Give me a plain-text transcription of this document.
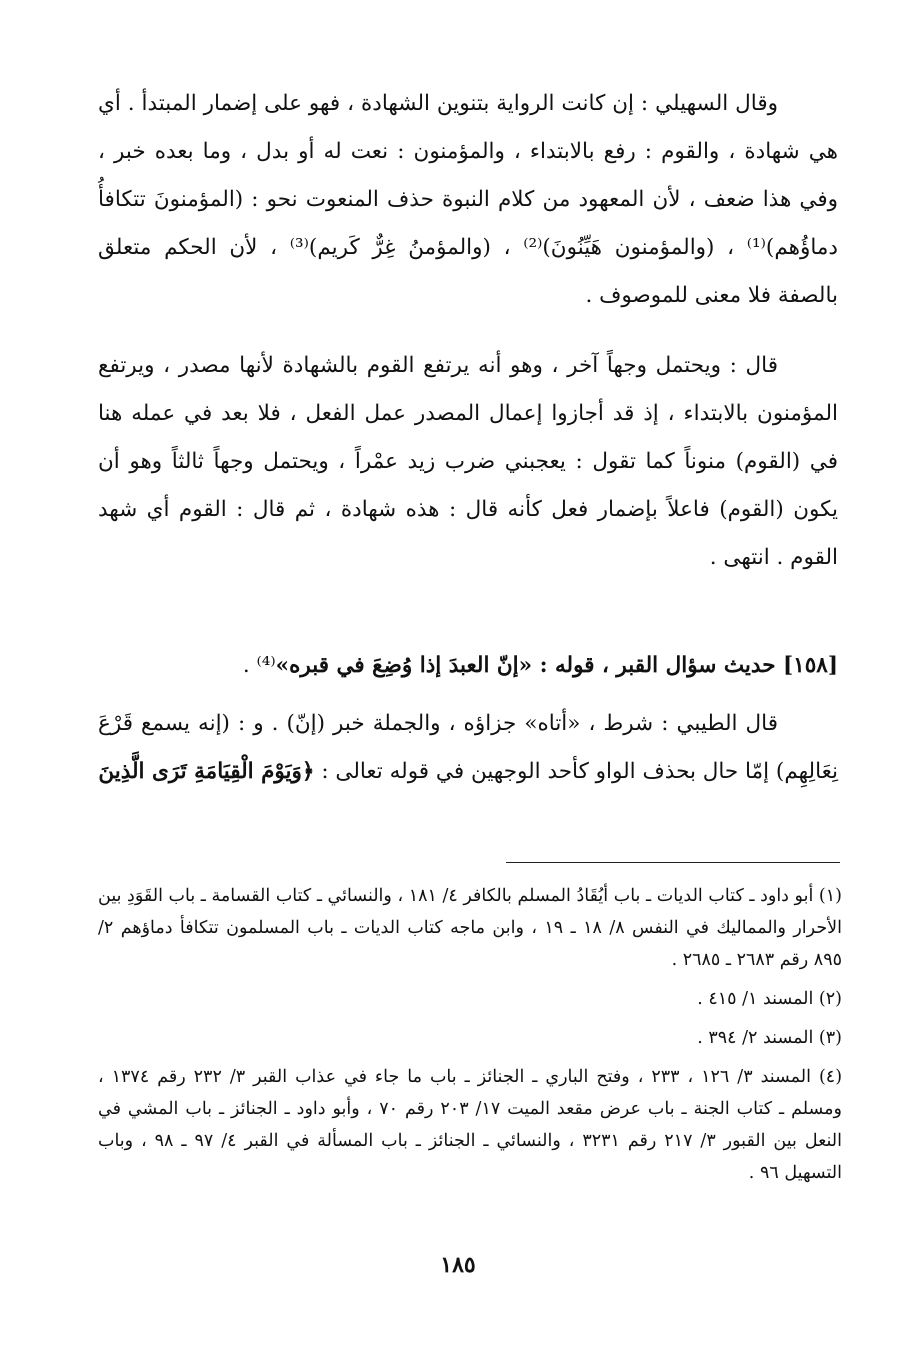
وقال السهيلي : إن كانت الرواية بتنوين الشهادة ، فهو على إضمار المبتدأ . أي هي شهادة ، والقوم : رفع بالابتداء ، والمؤمنون : نعت له أو بدل ، وما بعده خبر ، وفي هذا ضعف ، لأن المعهود من كلام النبوة حذف المنعوت نحو : (المؤمنونَ تتكافأُ دماؤُهم)⁽¹⁾ ، (والمؤمنون هَيِّنُونَ)⁽²⁾ ، (والمؤمنُ غِرٌّ كَريم)⁽³⁾ ، لأن الحكم متعلق بالصفة فلا معنى للموصوف .

قال : ويحتمل وجهاً آخر ، وهو أنه يرتفع القوم بالشهادة لأنها مصدر ، ويرتفع المؤمنون بالابتداء ، إذ قد أجازوا إعمال المصدر عمل الفعل ، فلا بعد في عمله هنا في (القوم) منوناً كما تقول : يعجبني ضرب زيد عمْراً ، ويحتمل وجهاً ثالثاً وهو أن يكون (القوم) فاعلاً بإضمار فعل كأنه قال : هذه شهادة ، ثم قال : القوم أي شهد القوم . انتهى .

[١٥٨] حديث سؤال القبر ، قوله : «إنّ العبدَ إذا وُضِعَ في قبره»⁽⁴⁾ .

قال الطيبي : شرط ، «أتاه» جزاؤه ، والجملة خبر (إنّ) . و : (إنه يسمع قَرْعَ نِعَالِهِم) إمّا حال بحذف الواو كأحد الوجهين في قوله تعالى : ﴿وَيَوْمَ الْقِيَامَةِ تَرَى الَّذِينَ

(١) أبو داود ـ كتاب الديات ـ باب أيُقَادُ المسلم بالكافر ٤/ ١٨١ ، والنسائي ـ كتاب القسامة ـ باب القَوَدِ بين الأحرار والمماليك في النفس ٨/ ١٨ ـ ١٩ ، وابن ماجه كتاب الديات ـ باب المسلمون تتكافأ دماؤهم ٢/ ٨٩٥ رقم ٢٦٨٣ ـ ٢٦٨٥ .

(٢) المسند ١/ ٤١٥ .

(٣) المسند ٢/ ٣٩٤ .

(٤) المسند ٣/ ١٢٦ ، ٢٣٣ ، وفتح الباري ـ الجنائز ـ باب ما جاء في عذاب القبر ٣/ ٢٣٢ رقم ١٣٧٤ ، ومسلم ـ كتاب الجنة ـ باب عرض مقعد الميت ١٧/ ٢٠٣ رقم ٧٠ ، وأبو داود ـ الجنائز ـ باب المشي في النعل بين القبور ٣/ ٢١٧ رقم ٣٢٣١ ، والنسائي ـ الجنائز ـ باب المسألة في القبر ٤/ ٩٧ ـ ٩٨ ، وباب التسهيل ٩٦ .

١٨٥
